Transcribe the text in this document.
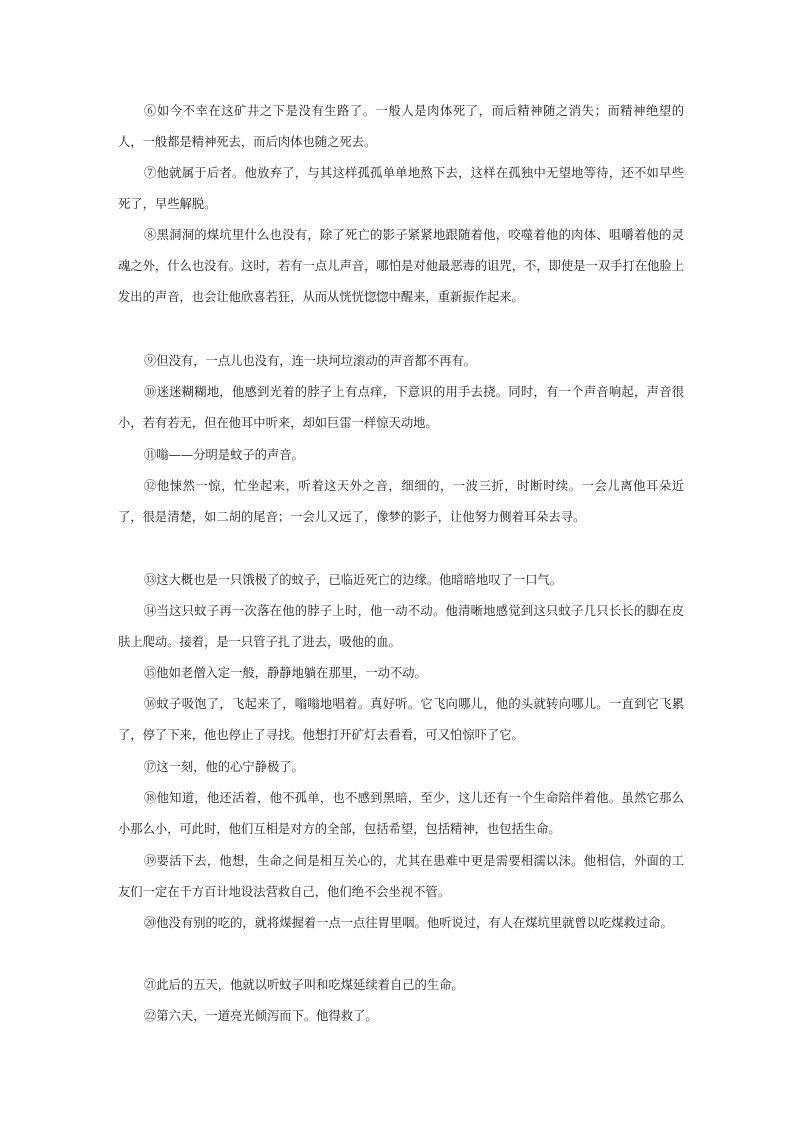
⑥如今不幸在这矿井之下是没有生路了。一般人是肉体死了，而后精神随之消失；而精神绝望的人，一般都是精神死去，而后肉体也随之死去。

⑦他就属于后者。他放弃了，与其这样孤孤单单地熬下去，这样在孤独中无望地等待，还不如早些死了，早些解脱。

⑧黑洞洞的煤坑里什么也没有，除了死亡的影子紧紧地跟随着他，咬噬着他的肉体、咀嚼着他的灵魂之外，什么也没有。这时，若有一点儿声音，哪怕是对他最恶毒的诅咒，不，即使是一双手打在他脸上发出的声音，也会让他欣喜若狂，从而从恍恍惚惚中醒来，重新振作起来。

⑨但没有，一点儿也没有，连一块坷垃滚动的声音都不再有。

⑩迷迷糊糊地，他感到光着的脖子上有点痒，下意识的用手去挠。同时，有一个声音响起，声音很小，若有若无，但在他耳中听来，却如巨雷一样惊天动地。

⑪嗡——分明是蚊子的声音。

⑫他悚然一惊，忙坐起来，听着这天外之音，细细的，一波三折，时断时续。一会儿离他耳朵近了，很是清楚，如二胡的尾音；一会儿又远了，像梦的影子，让他努力侧着耳朵去寻。

⑬这大概也是一只饿极了的蚊子，已临近死亡的边缘。他暗暗地叹了一口气。

⑭当这只蚊子再一次落在他的脖子上时，他一动不动。他清晰地感觉到这只蚊子几只长长的脚在皮肤上爬动。接着，是一只管子扎了进去，吸他的血。

⑮他如老僧入定一般，静静地躺在那里，一动不动。

⑯蚊子吸饱了，飞起来了，嗡嗡地唱着。真好听。它飞向哪儿，他的头就转向哪儿。一直到它飞累了，停了下来，他也停止了寻找。他想打开矿灯去看看，可又怕惊吓了它。

⑰这一刻，他的心宁静极了。

⑱他知道，他还活着，他不孤单，也不感到黑暗，至少，这儿还有一个生命陪伴着他。虽然它那么小那么小，可此时，他们互相是对方的全部，包括希望，包括精神，也包括生命。

⑲要活下去，他想，生命之间是相互关心的，尤其在患难中更是需要相濡以沫。他相信，外面的工友们一定在千方百计地设法营救自己，他们绝不会坐视不管。

⑳他没有别的吃的，就将煤握着一点一点往胃里咽。他听说过，有人在煤坑里就曾以吃煤救过命。

㉑此后的五天，他就以听蚊子叫和吃煤延续着自己的生命。

㉒第六天，一道亮光倾泻而下。他得救了。
